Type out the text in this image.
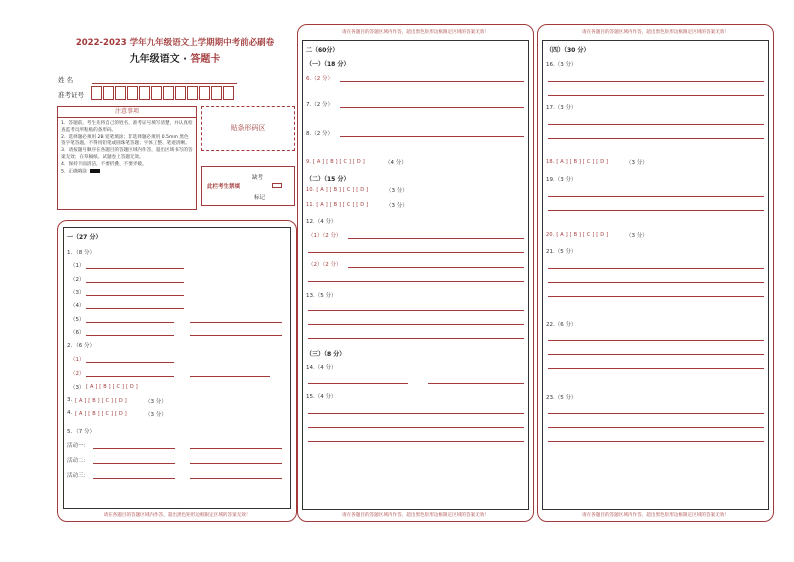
2022-2023 学年九年级语文上学期期中考前必刷卷
九年级语文 · 答题卡
姓 名
准考证号
注意事项

1．答题前，考生先将自己的姓名，准考证号填写清楚，并认真检查监考员所粘贴的条形码。

2．选择题必须用 2B 铅笔填涂；非选择题必须用 0.5mm 黑色签字笔答题，不得用铅笔或圆珠笔答题；字体工整、笔迹清晰。

3．请按题号顺序在各题目的答题区域内作答，超出区域书写的答案无效；在草稿纸、试题卷上答题无效。

4．保持卡面清洁，不要折叠、不要弄破。

5．正确填涂

贴条形码区
此栏考生禁填
缺考
标记
请在各题目的答题区域内作答，超出黑色矩形边框限定区域的答案无效！
一（27 分）
1．（8 分）
（1）
（2）
（3）
（4）
（5）
（6）
2．（6 分）
（1）
（2）
（3） [ A ] [ B ] [ C ] [ D ]
3. [ A ] [ B ] [ C ] [ D ]	（3 分）
4. [ A ] [ B ] [ C ] [ D ]	（3 分）
5．（7 分）
活动一：
活动二：
活动三：
请在各题目的答题区域内作答，超出黑色矩形边框限定区域的答案无效！
请在各题目的答题区域内作答，超出黑色矩形边框限定区域的答案无效！
二（60分）
（一）（18 分）
6.（2 分）
7.（2 分）
8.（2 分）
9. [ A ] [ B ] [ C ] [ D ]	（4 分）
（二）（15 分）
10. [ A ] [ B ] [ C ] [ D ]	（3 分）
11. [ A ] [ B ] [ C ] [ D ]	（3 分）
12.（4 分）
（1）（2 分）
（2）（2 分）
13.（5 分）
（三）（8 分）
14.（4 分）
15.（4 分）
请在各题目的答题区域内作答，超出黑色矩形边框限定区域的答案无效！
请在各题目的答题区域内作答，超出黑色矩形边框限定区域的答案无效！
（四）（30 分）
16.（3 分）
17.（3 分）
18. [ A ] [ B ] [ C ] [ D ]	（3 分）
19.（3 分）
20. [ A ] [ B ] [ C ] [ D ]	（3 分）
21.（5 分）
22.（6 分）
23.（5 分）
